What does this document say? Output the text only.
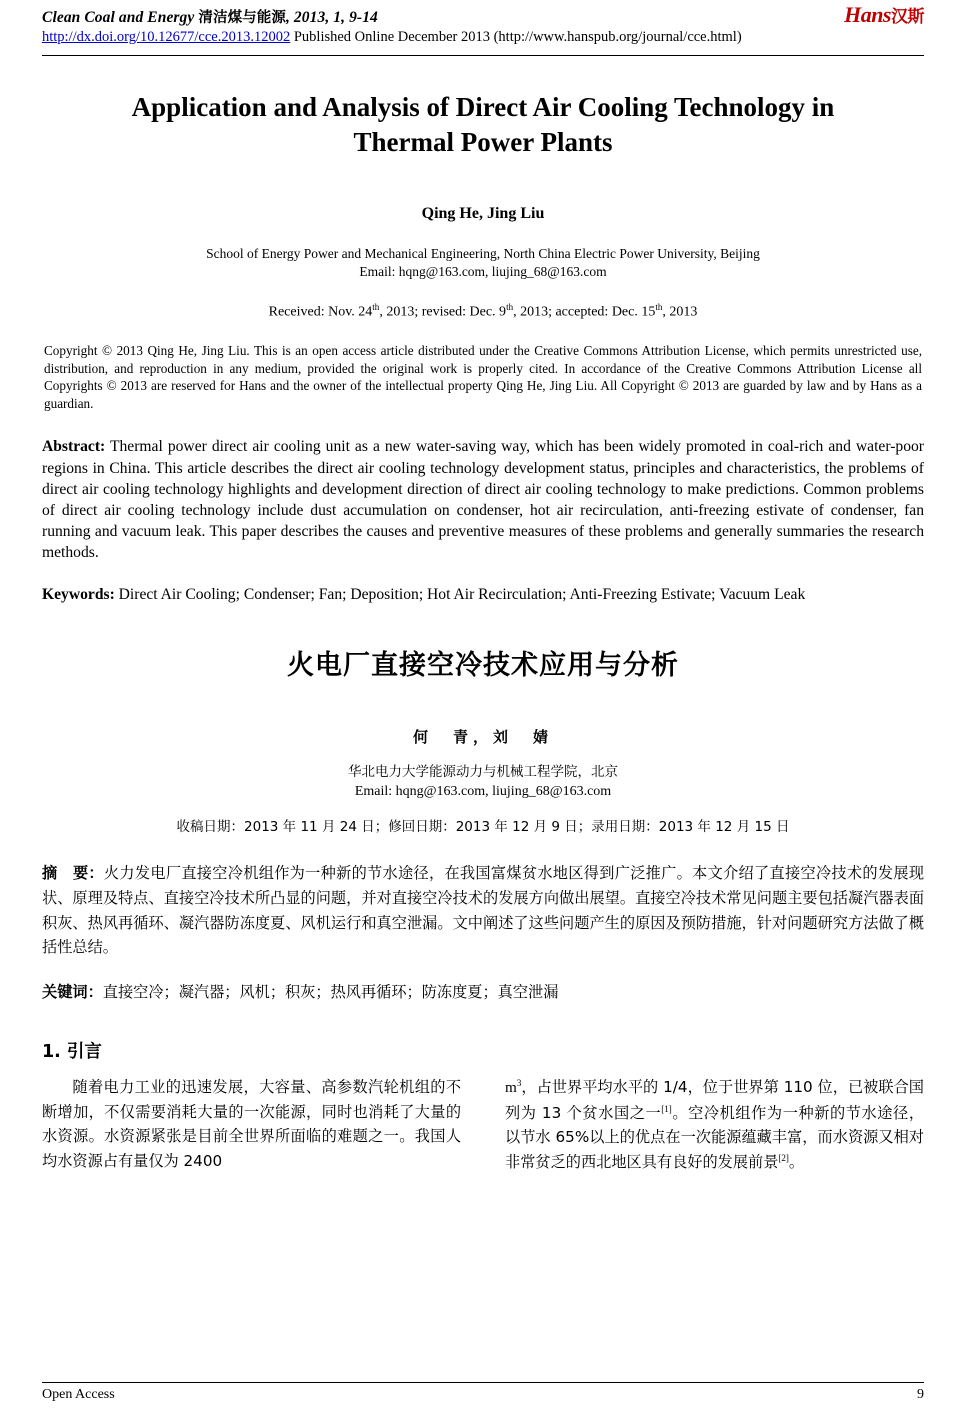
Clean Coal and Energy 清洁煤与能源, 2013, 1, 9-14
http://dx.doi.org/10.12677/cce.2013.12002 Published Online December 2013 (http://www.hanspub.org/journal/cce.html)
Hans汉斯
Application and Analysis of Direct Air Cooling Technology in Thermal Power Plants
Qing He, Jing Liu
School of Energy Power and Mechanical Engineering, North China Electric Power University, Beijing
Email: hqng@163.com, liujing_68@163.com
Received: Nov. 24th, 2013; revised: Dec. 9th, 2013; accepted: Dec. 15th, 2013
Copyright © 2013 Qing He, Jing Liu. This is an open access article distributed under the Creative Commons Attribution License, which permits unrestricted use, distribution, and reproduction in any medium, provided the original work is properly cited. In accordance of the Creative Commons Attribution License all Copyrights © 2013 are reserved for Hans and the owner of the intellectual property Qing He, Jing Liu. All Copyright © 2013 are guarded by law and by Hans as a guardian.
Abstract: Thermal power direct air cooling unit as a new water-saving way, which has been widely promoted in coal-rich and water-poor regions in China. This article describes the direct air cooling technology development status, principles and characteristics, the problems of direct air cooling technology highlights and development direction of direct air cooling technology to make predictions. Common problems of direct air cooling technology include dust accumulation on condenser, hot air recirculation, anti-freezing estivate of condenser, fan running and vacuum leak. This paper describes the causes and preventive measures of these problems and generally summaries the research methods.
Keywords: Direct Air Cooling; Condenser; Fan; Deposition; Hot Air Recirculation; Anti-Freezing Estivate; Vacuum Leak
火电厂直接空冷技术应用与分析
何　青，刘　婧
华北电力大学能源动力与机械工程学院，北京
Email: hqng@163.com, liujing_68@163.com
收稿日期：2013 年 11 月 24 日；修回日期：2013 年 12 月 9 日；录用日期：2013 年 12 月 15 日
摘　要：火力发电厂直接空冷机组作为一种新的节水途径，在我国富煤贫水地区得到广泛推广。本文介绍了直接空冷技术的发展现状、原理及特点、直接空冷技术所凸显的问题，并对直接空冷技术的发展方向做出展望。直接空冷技术常见问题主要包括凝汽器表面积灰、热风再循环、凝汽器防冻度夏、风机运行和真空泄漏。文中阐述了这些问题产生的原因及预防措施，针对问题研究方法做了概括性总结。
关键词：直接空冷；凝汽器；风机；积灰；热风再循环；防冻度夏；真空泄漏
1. 引言

随着电力工业的迅速发展，大容量、高参数汽轮机组的不断增加，不仅需要消耗大量的一次能源，同时也消耗了大量的水资源。水资源紧张是目前全世界所面临的难题之一。我国人均水资源占有量仅为 2400

$m^3$，占世界平均水平的 1/4，位于世界第 110 位，已被联合国列为 13 个贫水国之一[1]。空冷机组作为一种新的节水途径，以节水 65%以上的优点在一次能源蕴藏丰富，而水资源又相对非常贫乏的西北地区具有良好的发展前景[2]。

Open Access	9
